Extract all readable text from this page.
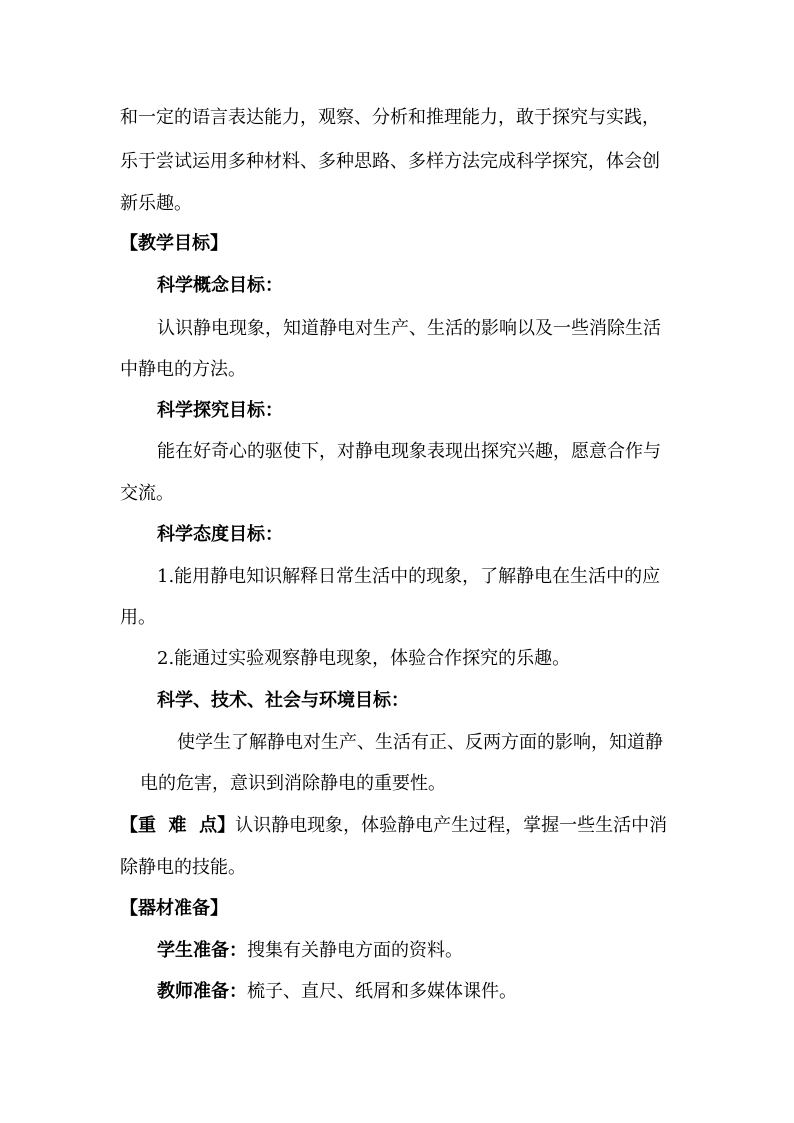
和一定的语言表达能力，观察、分析和推理能力，敢于探究与实践，
乐于尝试运用多种材料、多种思路、多样方法完成科学探究，体会创
新乐趣。
【教学目标】
科学概念目标：
认识静电现象，知道静电对生产、生活的影响以及一些消除生活
中静电的方法。
科学探究目标：
能在好奇心的驱使下，对静电现象表现出探究兴趣，愿意合作与
交流。
科学态度目标：
1.能用静电知识解释日常生活中的现象，了解静电在生活中的应
用。
2.能通过实验观察静电现象，体验合作探究的乐趣。
科学、技术、社会与环境目标：
使学生了解静电对生产、生活有正、反两方面的影响，知道静
电的危害，意识到消除静电的重要性。
【重  难  点】认识静电现象，体验静电产生过程，掌握一些生活中消
除静电的技能。
【器材准备】
学生准备：搜集有关静电方面的资料。
教师准备：梳子、直尺、纸屑和多媒体课件。
